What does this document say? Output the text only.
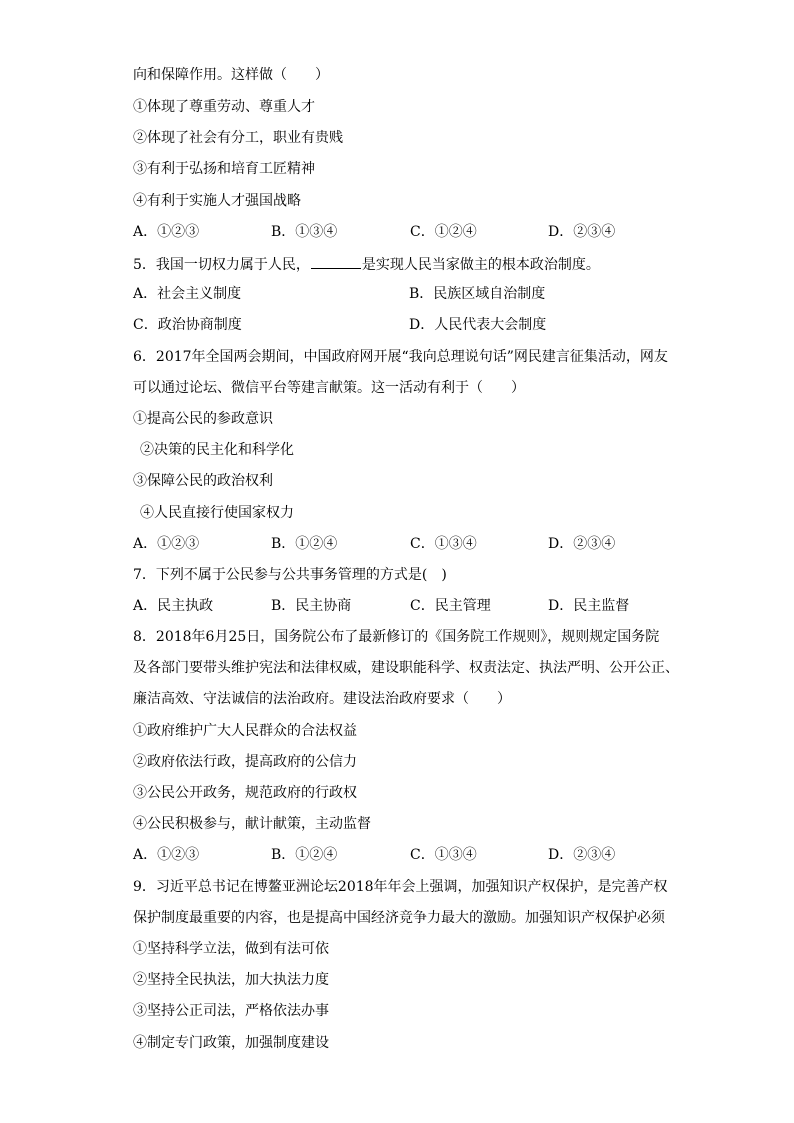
向和保障作用。这样做（　　）
①体现了尊重劳动、尊重人才
②体现了社会有分工，职业有贵贱
③有利于弘扬和培育工匠精神
④有利于实施人才强国战略
A．①②③	B．①③④	C．①②④	D．②③④
5．我国一切权力属于人民，	是实现人民当家做主的根本政治制度。
A．社会主义制度	B．民族区域自治制度
C．政治协商制度	D．人民代表大会制度
6．2017年全国两会期间，中国政府网开展“我向总理说句话”网民建言征集活动，网友
可以通过论坛、微信平台等建言献策。这一活动有利于（　　）
①提高公民的参政意识
②决策的民主化和科学化
③保障公民的政治权利
④人民直接行使国家权力
A．①②③	B．①②④	C．①③④	D．②③④
7．下列不属于公民参与公共事务管理的方式是(　)
A．民主执政	B．民主协商	C．民主管理	D．民主监督
8．2018年6月25日，国务院公布了最新修订的《国务院工作规则》，规则规定国务院
及各部门要带头维护宪法和法律权威，建设职能科学、权责法定、执法严明、公开公正、
廉洁高效、守法诚信的法治政府。建设法治政府要求（　　）
①政府维护广大人民群众的合法权益
②政府依法行政，提高政府的公信力
③公民公开政务，规范政府的行政权
④公民积极参与，献计献策，主动监督
A．①②③	B．①②④	C．①③④	D．②③④
9．习近平总书记在博鳌亚洲论坛2018年年会上强调，加强知识产权保护，是完善产权
保护制度最重要的内容，也是提高中国经济竞争力最大的激励。加强知识产权保护必须
①坚持科学立法，做到有法可依
②坚持全民执法，加大执法力度
③坚持公正司法，严格依法办事
④制定专门政策，加强制度建设
